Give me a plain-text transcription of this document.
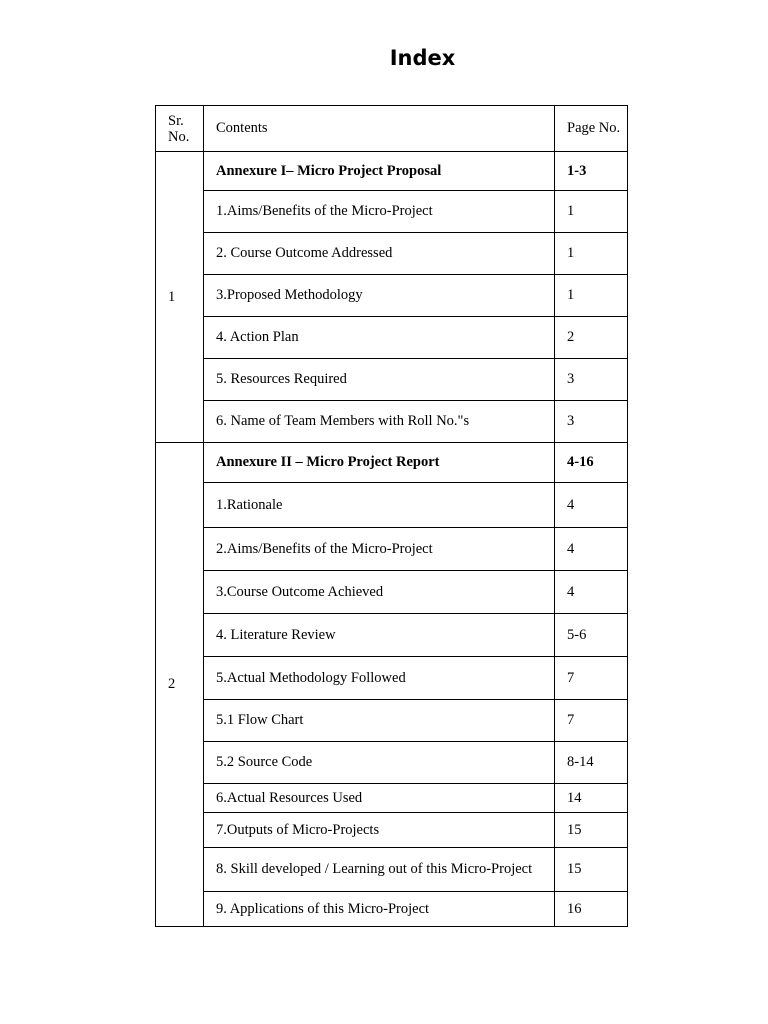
Index
Sr. No.	Contents	Page No.
1	Annexure I– Micro Project Proposal	1-3
	1.Aims/Benefits of the Micro-Project	1
	2. Course Outcome Addressed	1
	3.Proposed Methodology	1
	4. Action Plan	2
	5. Resources Required	3
	6. Name of Team Members with Roll No."s	3
2	Annexure II – Micro Project Report	4-16
	1.Rationale	4
	2.Aims/Benefits of the Micro-Project	4
	3.Course Outcome Achieved	4
	4. Literature Review	5-6
	5.Actual Methodology Followed	7
	5.1 Flow Chart	7
	5.2 Source Code	8-14
	6.Actual Resources Used	14
	7.Outputs of Micro-Projects	15
	8. Skill developed / Learning out of this Micro-Project	15
	9. Applications of this Micro-Project	16
